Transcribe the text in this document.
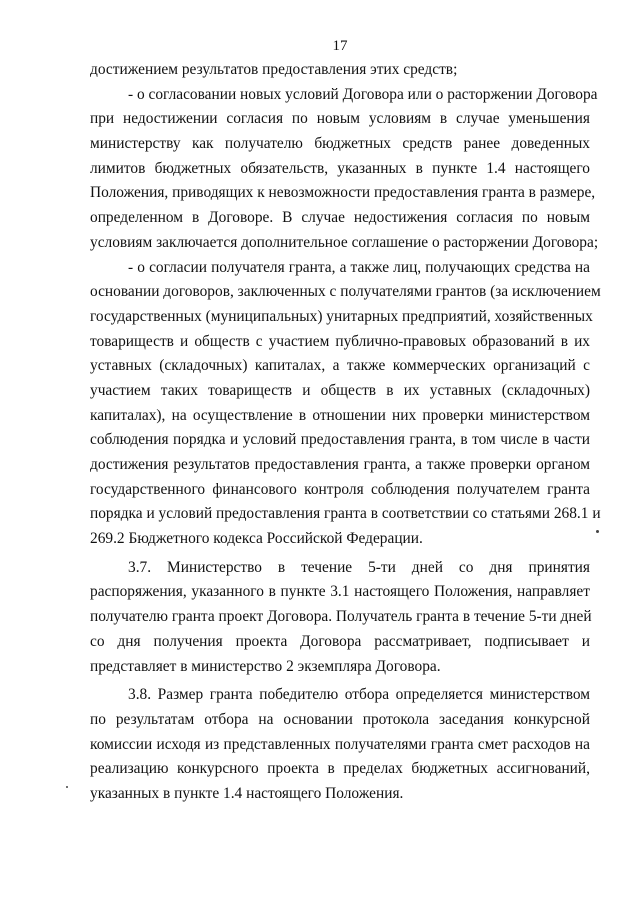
17
достижением результатов предоставления этих средств;
- о согласовании новых условий Договора или о расторжении Договора
при недостижении согласия по новым условиям в случае уменьшения
министерству как получателю бюджетных средств ранее доведенных
лимитов бюджетных обязательств, указанных в пункте 1.4 настоящего
Положения, приводящих к невозможности предоставления гранта в размере,
определенном в Договоре. В случае недостижения согласия по новым
условиям заключается дополнительное соглашение о расторжении Договора;
- о согласии получателя гранта, а также лиц, получающих средства на
основании договоров, заключенных с получателями грантов (за исключением
государственных (муниципальных) унитарных предприятий, хозяйственных
товариществ и обществ с участием публично-правовых образований в их
уставных (складочных) капиталах, а также коммерческих организаций с
участием таких товариществ и обществ в их уставных (складочных)
капиталах), на осуществление в отношении них проверки министерством
соблюдения порядка и условий предоставления гранта, в том числе в части
достижения результатов предоставления гранта, а также проверки органом
государственного финансового контроля соблюдения получателем гранта
порядка и условий предоставления гранта в соответствии со статьями 268.1 и
269.2 Бюджетного кодекса Российской Федерации.
3.7. Министерство в течение 5-ти дней со дня принятия
распоряжения, указанного в пункте 3.1 настоящего Положения, направляет
получателю гранта проект Договора. Получатель гранта в течение 5-ти дней
со дня получения проекта Договора рассматривает, подписывает и
представляет в министерство 2 экземпляра Договора.
3.8. Размер гранта победителю отбора определяется министерством
по результатам отбора на основании протокола заседания конкурсной
комиссии исходя из представленных получателями гранта смет расходов на
реализацию конкурсного проекта в пределах бюджетных ассигнований,
указанных в пункте 1.4 настоящего Положения.
